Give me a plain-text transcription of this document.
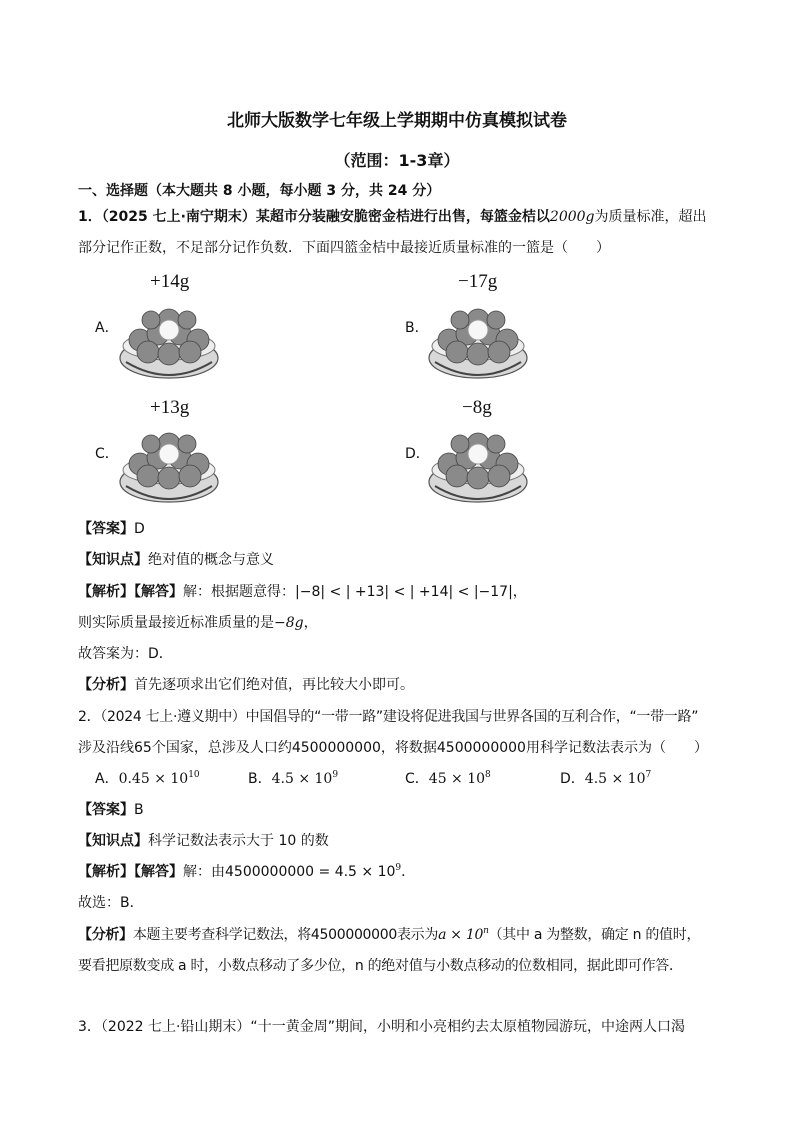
北师大版数学七年级上学期期中仿真模拟试卷
（范围：1-3章）
一、选择题（本大题共 8 小题，每小题 3 分，共 24 分）
1．（2025 七上·南宁期末）某超市分装融安脆密金桔进行出售，每篮金桔以2000g为质量标准，超出
部分记作正数，不足部分记作负数．下面四篮金桔中最接近质量标准的一篮是（　　）
A．
+14g
B．
−17g
C．
+13g
D．
−8g
【答案】D
【知识点】绝对值的概念与意义
【解析】【解答】解：根据题意得：|−8| < | +13| < | +14| < |−17|，
则实际质量最接近标准质量的是−8g，
故答案为：D．
【分析】首先逐项求出它们绝对值，再比较大小即可。
2．（2024 七上·遵义期中）中国倡导的“一带一路”建设将促进我国与世界各国的互利合作，“一带一路”
涉及沿线65个国家，总涉及人口约4500000000，将数据4500000000用科学记数法表示为（　　）
A．$0.45 \times 10^{10}$	B．$4.5 \times 10^9$	C．$45 \times 10^8$	D．$4.5 \times 10^7$
【答案】B
【知识点】科学记数法表示大于 10 的数
【解析】【解答】解：由$4500000000 = 4.5 \times 10^9$．
故选：B．
【分析】本题主要考查科学记数法，将4500000000表示为$a \times 10^n$（其中 a 为整数，确定 n 的值时，
要看把原数变成 a 时，小数点移动了多少位，n 的绝对值与小数点移动的位数相同，据此即可作答．
3．（2022 七上·铅山期末）“十一黄金周”期间，小明和小亮相约去太原植物园游玩，中途两人口渴
